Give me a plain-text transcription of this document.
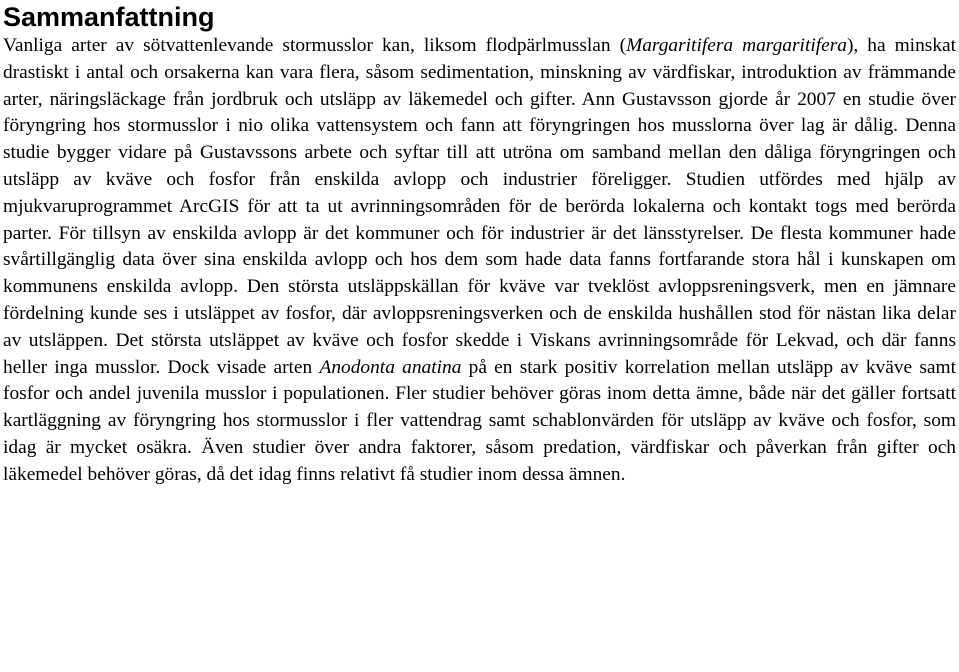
Sammanfattning

Vanliga arter av sötvattenlevande stormusslor kan, liksom flodpärlmusslan (Margaritifera margaritifera), ha minskat drastiskt i antal och orsakerna kan vara flera, såsom sedimentation, minskning av värdfiskar, introduktion av främmande arter, näringsläckage från jordbruk och utsläpp av läkemedel och gifter. Ann Gustavsson gjorde år 2007 en studie över föryngring hos stormusslor i nio olika vattensystem och fann att föryngringen hos musslorna över lag är dålig. Denna studie bygger vidare på Gustavssons arbete och syftar till att utröna om samband mellan den dåliga föryngringen och utsläpp av kväve och fosfor från enskilda avlopp och industrier föreligger. Studien utfördes med hjälp av mjukvaruprogrammet ArcGIS för att ta ut avrinningsområden för de berörda lokalerna och kontakt togs med berörda parter. För tillsyn av enskilda avlopp är det kommuner och för industrier är det länsstyrelser. De flesta kommuner hade svårtillgänglig data över sina enskilda avlopp och hos dem som hade data fanns fortfarande stora hål i kunskapen om kommunens enskilda avlopp. Den största utsläppskällan för kväve var tveklöst avloppsreningsverk, men en jämnare fördelning kunde ses i utsläppet av fosfor, där avloppsreningsverken och de enskilda hushållen stod för nästan lika delar av utsläppen. Det största utsläppet av kväve och fosfor skedde i Viskans avrinningsområde för Lekvad, och där fanns heller inga musslor. Dock visade arten Anodonta anatina på en stark positiv korrelation mellan utsläpp av kväve samt fosfor och andel juvenila musslor i populationen. Fler studier behöver göras inom detta ämne, både när det gäller fortsatt kartläggning av föryngring hos stormusslor i fler vattendrag samt schablonvärden för utsläpp av kväve och fosfor, som idag är mycket osäkra. Även studier över andra faktorer, såsom predation, värdfiskar och påverkan från gifter och läkemedel behöver göras, då det idag finns relativt få studier inom dessa ämnen.
